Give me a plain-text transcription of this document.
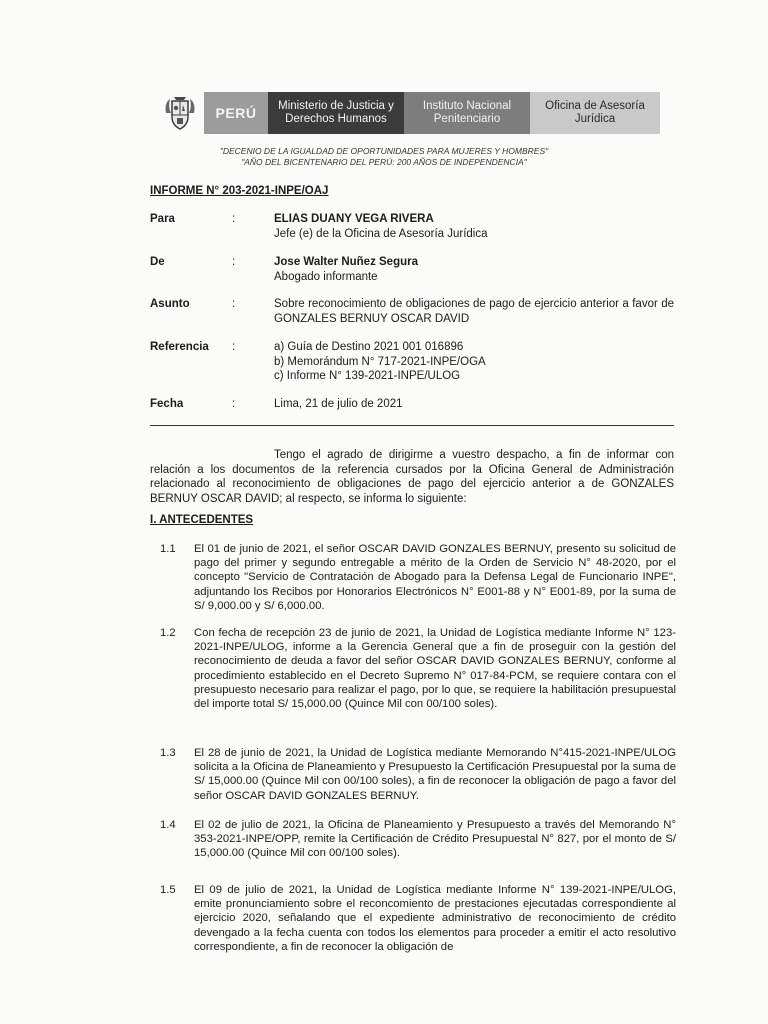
PERÚ	Ministerio de Justicia y Derechos Humanos
Instituto Nacional Penitenciario
Oficina de Asesoría Jurídica
"DECENIO DE LA IGUALDAD DE OPORTUNIDADES PARA MUJERES Y HOMBRES"
"AÑO DEL BICENTENARIO DEL PERÚ: 200 AÑOS DE INDEPENDENCIA"
INFORME N° 203-2021-INPE/OAJ
Para	:	ELIAS DUANY VEGA RIVERA
Jefe (e) de la Oficina de Asesoría Jurídica
De	:	Jose Walter Nuñez Segura
Abogado informante
Asunto	:	Sobre reconocimiento de obligaciones de pago de ejercicio anterior a favor de GONZALES BERNUY OSCAR DAVID
Referencia	:	a) Guía de Destino 2021 001 016896
b) Memorándum N° 717-2021-INPE/OGA
c) Informe N° 139-2021-INPE/ULOG
Fecha	:	Lima, 21 de julio de 2021
Tengo el agrado de dirigirme a vuestro despacho, a fin de informar con relación a los documentos de la referencia cursados por la Oficina General de Administración relacionado al reconocimiento de obligaciones de pago del ejercicio anterior a de GONZALES BERNUY OSCAR DAVID; al respecto, se informa lo siguiente:
I. ANTECEDENTES
1.1	El 01 de junio de 2021, el señor OSCAR DAVID GONZALES BERNUY, presento su solicitud de pago del primer y segundo entregable a mérito de la Orden de Servicio N° 48-2020, por el concepto "Servicio de Contratación de Abogado para la Defensa Legal de Funcionario INPE", adjuntando los Recibos por Honorarios Electrónicos N° E001-88 y N° E001-89, por la suma de S/ 9,000.00 y S/ 6,000.00.
1.2	Con fecha de recepción 23 de junio de 2021, la Unidad de Logística mediante Informe N° 123-2021-INPE/ULOG, informe a la Gerencia General que a fin de proseguir con la gestión del reconocimiento de deuda a favor del señor OSCAR DAVID GONZALES BERNUY, conforme al procedimiento establecido en el Decreto Supremo N° 017-84-PCM, se requiere contara con el presupuesto necesario para realizar el pago, por lo que, se requiere la habilitación presupuestal del importe total S/ 15,000.00 (Quince Mil con 00/100 soles).
1.3	El 28 de junio de 2021, la Unidad de Logística mediante Memorando N°415-2021-INPE/ULOG solicita a la Oficina de Planeamiento y Presupuesto la Certificación Presupuestal por la suma de S/ 15,000.00 (Quince Mil con 00/100 soles), a fin de reconocer la obligación de pago a favor del señor OSCAR DAVID GONZALES BERNUY.
1.4	El 02 de julio de 2021, la Oficina de Planeamiento y Presupuesto a través del Memorando N° 353-2021-INPE/OPP, remite la Certificación de Crédito Presupuestal N° 827, por el monto de S/ 15,000.00 (Quince Mil con 00/100 soles).
1.5	El 09 de julio de 2021, la Unidad de Logística mediante Informe N° 139-2021-INPE/ULOG, emite pronunciamiento sobre el reconcomiento de prestaciones ejecutadas correspondiente al ejercicio 2020, señalando que el expediente administrativo de reconocimiento de crédito devengado a la fecha cuenta con todos los elementos para proceder a emitir el acto resolutivo correspondiente, a fin de reconocer la obligación de
